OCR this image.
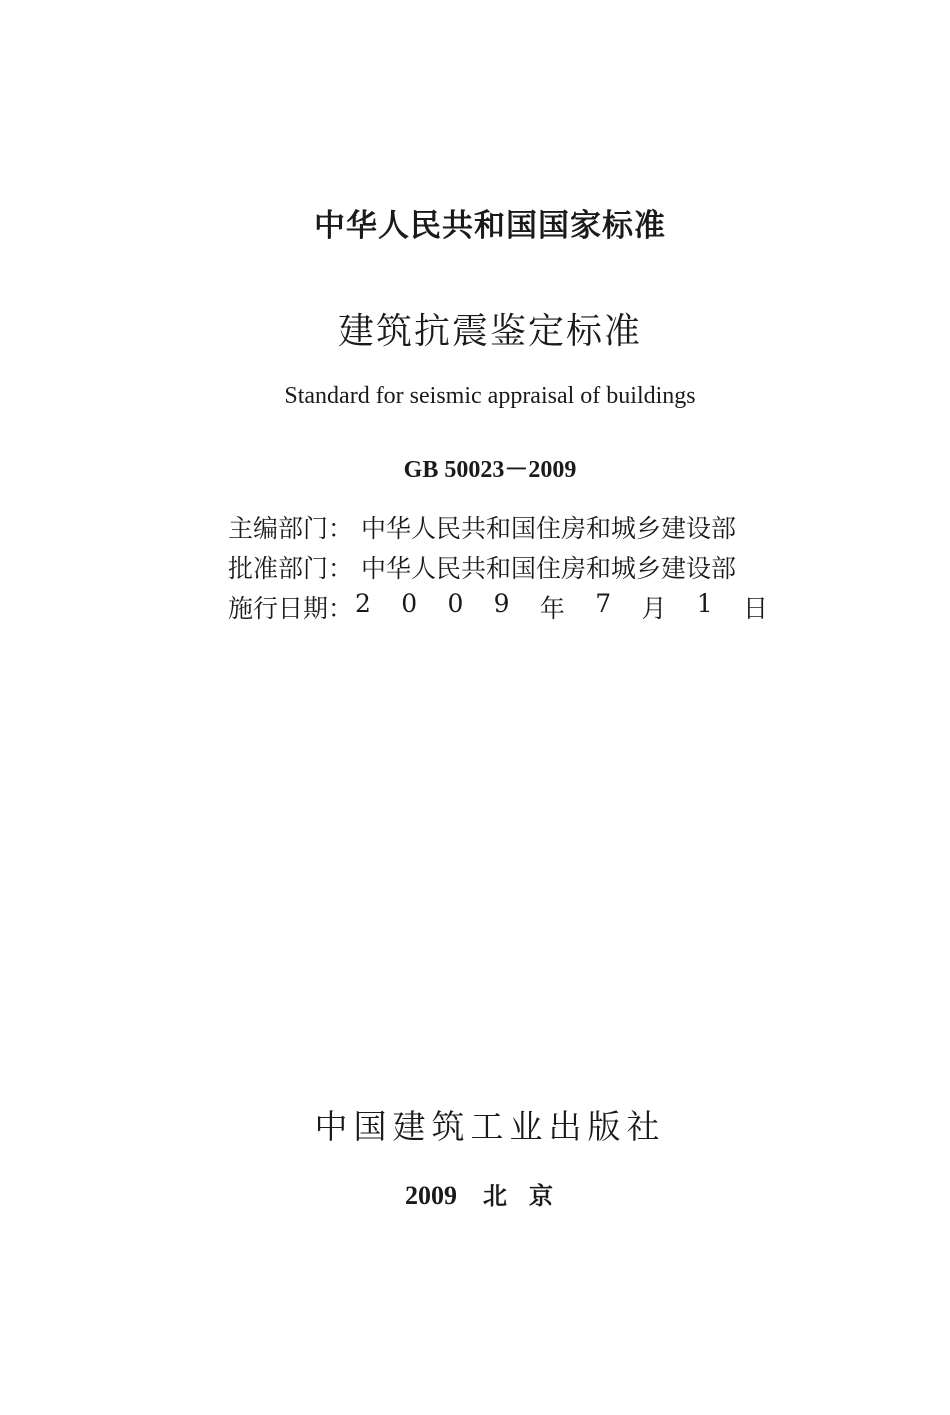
中华人民共和国国家标准
建筑抗震鉴定标准
Standard for seismic appraisal of buildings
GB 50023－2009
主编部门： 中华人民共和国住房和城乡建设部
批准部门： 中华人民共和国住房和城乡建设部
施行日期： 2 0 0 9 年 7 月 1 日
中国建筑工业出版社
2009 北京
